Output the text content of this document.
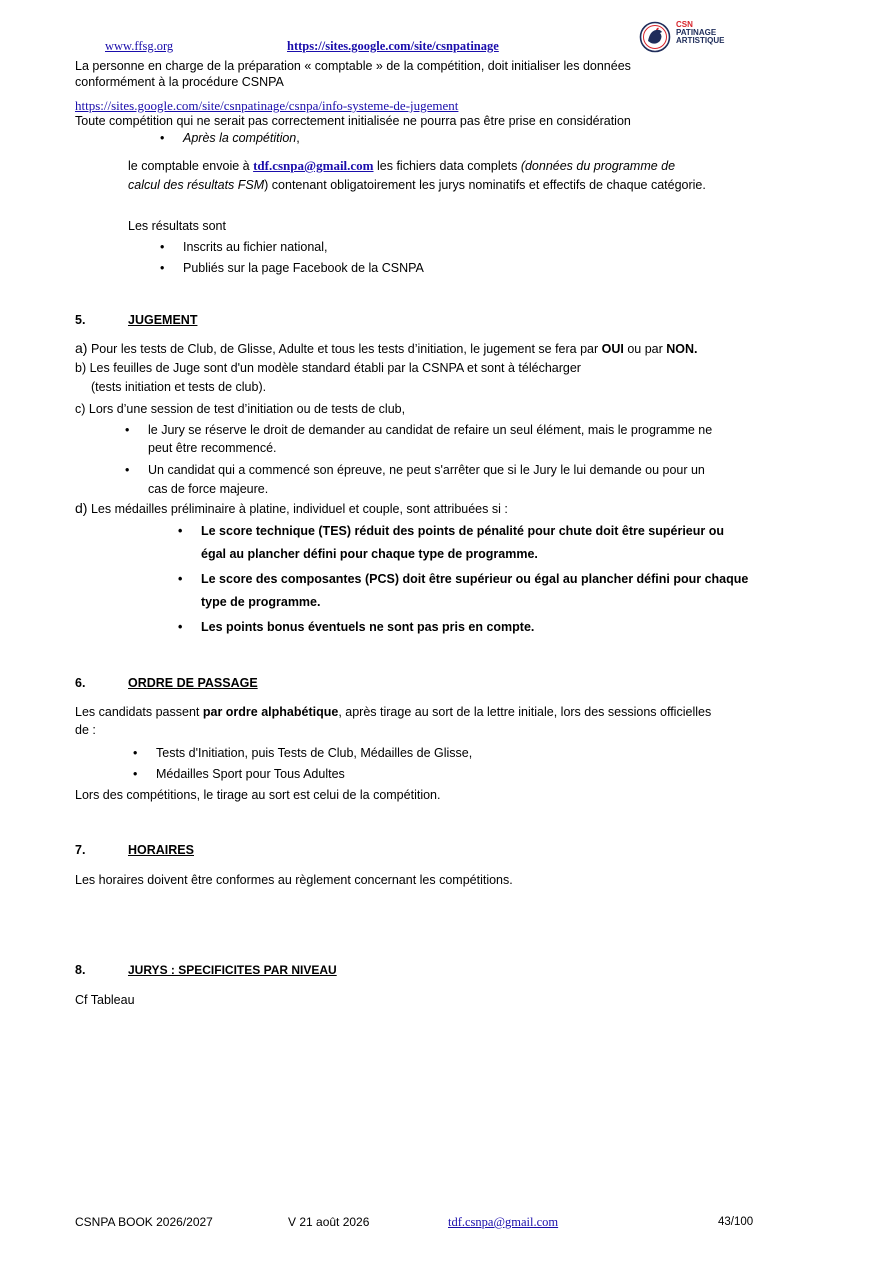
www.ffsg.org	https://sites.google.com/site/csnpatinage
CSN
PATINAGE
ARTISTIQUE
La personne en charge de la préparation « comptable » de la compétition, doit initialiser les données
conformément à la procédure CSNPA
https://sites.google.com/site/csnpatinage/csnpa/info-systeme-de-jugement
Toute compétition qui ne serait pas correctement initialisée ne pourra pas être prise en considération
• Après la compétition,
le comptable envoie à tdf.csnpa@gmail.com les fichiers data complets (données du programme de
calcul des résultats FSM) contenant obligatoirement les jurys nominatifs et effectifs de chaque catégorie.
Les résultats sont
• Inscrits au fichier national,
• Publiés sur la page Facebook de la CSNPA
5.	JUGEMENT
a) Pour les tests de Club, de Glisse, Adulte et tous les tests d’initiation, le jugement se fera par OUI ou par NON.
b) Les feuilles de Juge sont d'un modèle standard établi par la CSNPA et sont à télécharger
(tests initiation et tests de club).
c) Lors d’une session de test d’initiation ou de tests de club,
• le Jury se réserve le droit de demander au candidat de refaire un seul élément, mais le programme ne
peut être recommencé.
• Un candidat qui a commencé son épreuve, ne peut s'arrêter que si le Jury le lui demande ou pour un
cas de force majeure.
d) Les médailles préliminaire à platine, individuel et couple, sont attribuées si :
• Le score technique (TES) réduit des points de pénalité pour chute doit être supérieur ou
égal au plancher défini pour chaque type de programme.
• Le score des composantes (PCS) doit être supérieur ou égal au plancher défini pour chaque
type de programme.
• Les points bonus éventuels ne sont pas pris en compte.
6.	ORDRE DE PASSAGE
Les candidats passent par ordre alphabétique, après tirage au sort de la lettre initiale, lors des sessions officielles
de :
• Tests d'Initiation, puis Tests de Club, Médailles de Glisse,
• Médailles Sport pour Tous Adultes
Lors des compétitions, le tirage au sort est celui de la compétition.
7.	HORAIRES
Les horaires doivent être conformes au règlement concernant les compétitions.
8.	JURYS : SPECIFICITES PAR NIVEAU
Cf Tableau
CSNPA BOOK 2026/2027	V 21 août 2026	tdf.csnpa@gmail.com	43/100
